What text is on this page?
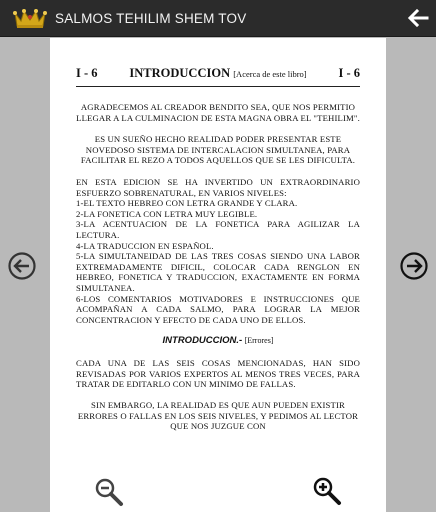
SALMOS TEHILIM SHEM TOV
I - 6	INTRODUCCION [Acerca de este libro]	I - 6

AGRADECEMOS AL CREADOR BENDITO SEA, QUE NOS PERMITIO LLEGAR A LA CULMINACION DE ESTA MAGNA OBRA EL "TEHILIM".

ES UN SUEÑO HECHO REALIDAD PODER PRESENTAR ESTE NOVEDOSO SISTEMA DE INTERCALACION SIMULTANEA, PARA FACILITAR EL REZO A TODOS AQUELLOS QUE SE LES DIFICULTA.

EN ESTA EDICION SE HA INVERTIDO UN EXTRAORDINARIO ESFUERZO SOBRENATURAL, EN VARIOS NIVELES:

1-EL TEXTO HEBREO CON LETRA GRANDE Y CLARA.

2-LA FONETICA CON LETRA MUY LEGIBLE.

3-LA ACENTUACION DE LA FONETICA PARA AGILIZAR LA LECTURA.

4-LA TRADUCCION EN ESPAÑOL.

5-LA SIMULTANEIDAD DE LAS TRES COSAS SIENDO UNA LABOR EXTREMADAMENTE DIFICIL, COLOCAR CADA RENGLON EN HEBREO, FONETICA Y TRADUCCION, EXACTAMENTE EN FORMA SIMULTANEA.

6-LOS COMENTARIOS MOTIVADORES E INSTRUCCIONES QUE ACOMPAÑAN A CADA SALMO, PARA LOGRAR LA MEJOR CONCENTRACION Y EFECTO DE CADA UNO DE ELLOS.

INTRODUCCION.- [Errores]

CADA UNA DE LAS SEIS COSAS MENCIONADAS, HAN SIDO REVISADAS POR VARIOS EXPERTOS AL MENOS TRES VECES, PARA TRATAR DE EDITARLO CON UN MINIMO DE FALLAS.

SIN EMBARGO, LA REALIDAD ES QUE AUN PUEDEN EXISTIR ERRORES O FALLAS EN LOS SEIS NIVELES, Y PEDIMOS AL LECTOR QUE NOS JUZGUE CON
